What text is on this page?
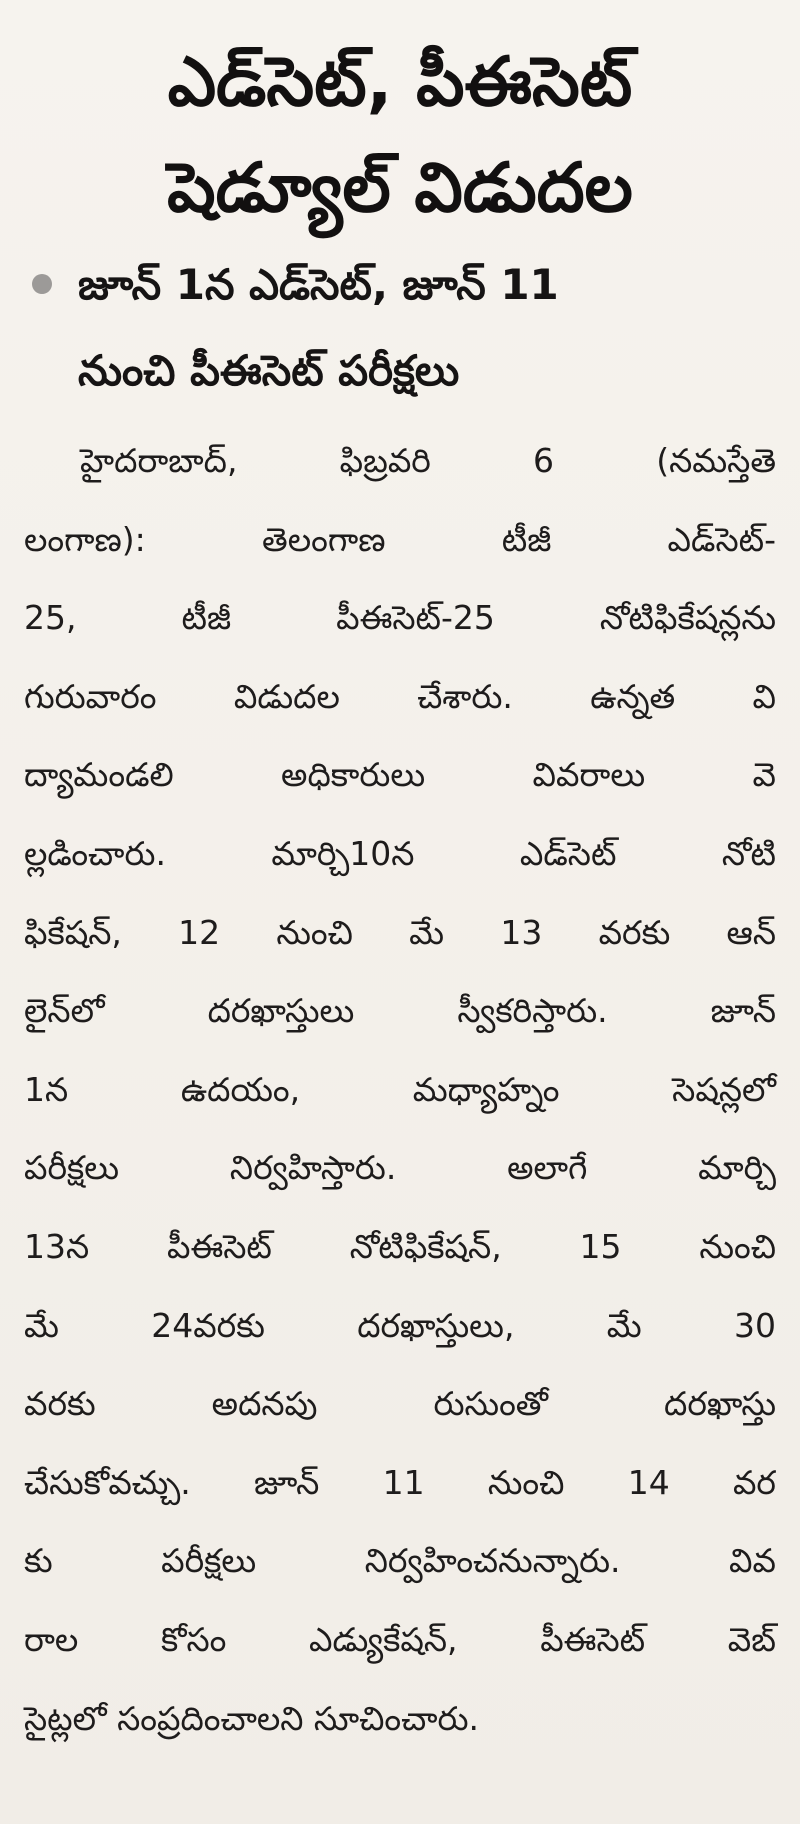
ఎడ్‌సెట్, పీఈసెట్
షెడ్యూల్ విడుదల
జూన్ 1న ఎడ్‌సెట్, జూన్ 11
నుంచి పీఈసెట్ పరీక్షలు
హైదరాబాద్, ఫిబ్రవరి 6 (నమస్తేతె
లంగాణ): తెలంగాణ టీజీ ఎడ్‌సెట్-
25, టీజీ పీఈసెట్-25 నోటిఫికేషన్లను
గురువారం విడుదల చేశారు. ఉన్నత వి
ద్యామండలి అధికారులు వివరాలు వె
ల్లడించారు. మార్చి10న ఎడ్‌సెట్ నోటి
ఫికేషన్, 12 నుంచి మే 13 వరకు ఆన్
లైన్‌లో దరఖాస్తులు స్వీకరిస్తారు. జూన్
1న ఉదయం, మధ్యాహ్నం సెషన్లలో
పరీక్షలు నిర్వహిస్తారు. అలాగే మార్చి
13న పీఈసెట్ నోటిఫికేషన్, 15 నుంచి
మే 24వరకు దరఖాస్తులు, మే 30
వరకు అదనపు రుసుంతో దరఖాస్తు
చేసుకోవచ్చు. జూన్ 11 నుంచి 14 వర
కు పరీక్షలు నిర్వహించనున్నారు. వివ
రాల కోసం ఎడ్యుకేషన్, పీఈసెట్ వెబ్
సైట్లలో సంప్రదించాలని సూచించారు.
